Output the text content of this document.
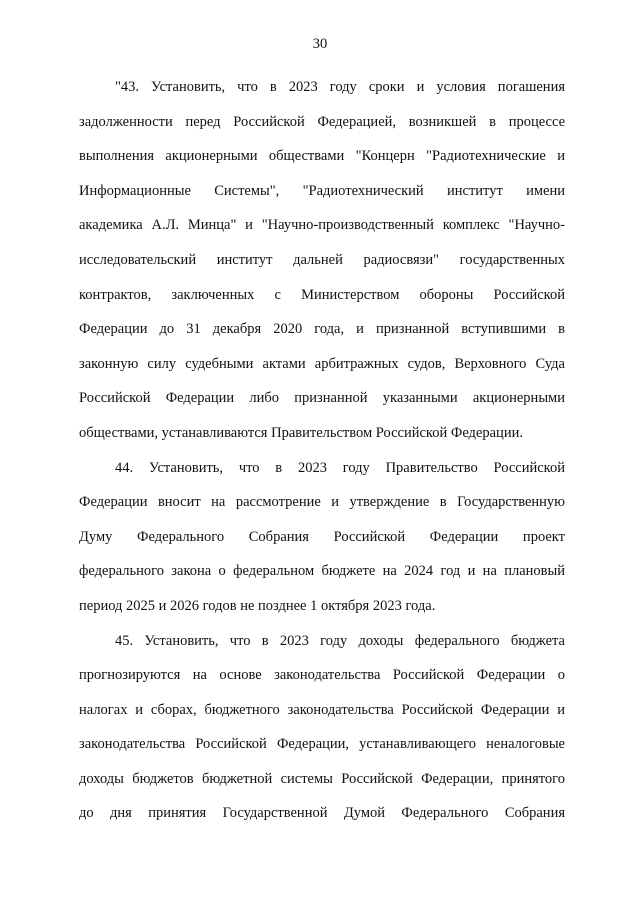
30
"43. Установить, что в 2023 году сроки и условия погашения
задолженности перед Российской Федерацией, возникшей в процессе
выполнения акционерными обществами "Концерн "Радиотехнические и
Информационные Системы", "Радиотехнический институт имени
академика А.Л. Минца" и "Научно-производственный комплекс "Научно-
исследовательский институт дальней радиосвязи" государственных
контрактов, заключенных с Министерством обороны Российской
Федерации до 31 декабря 2020 года, и признанной вступившими в
законную силу судебными актами арбитражных судов, Верховного Суда
Российской Федерации либо признанной указанными акционерными
обществами, устанавливаются Правительством Российской Федерации.
44. Установить, что в 2023 году Правительство Российской
Федерации вносит на рассмотрение и утверждение в Государственную
Думу Федерального Собрания Российской Федерации проект
федерального закона о федеральном бюджете на 2024 год и на плановый
период 2025 и 2026 годов не позднее 1 октября 2023 года.
45. Установить, что в 2023 году доходы федерального бюджета
прогнозируются на основе законодательства Российской Федерации о
налогах и сборах, бюджетного законодательства Российской Федерации и
законодательства Российской Федерации, устанавливающего неналоговые
доходы бюджетов бюджетной системы Российской Федерации, принятого
до дня принятия Государственной Думой Федерального Собрания
